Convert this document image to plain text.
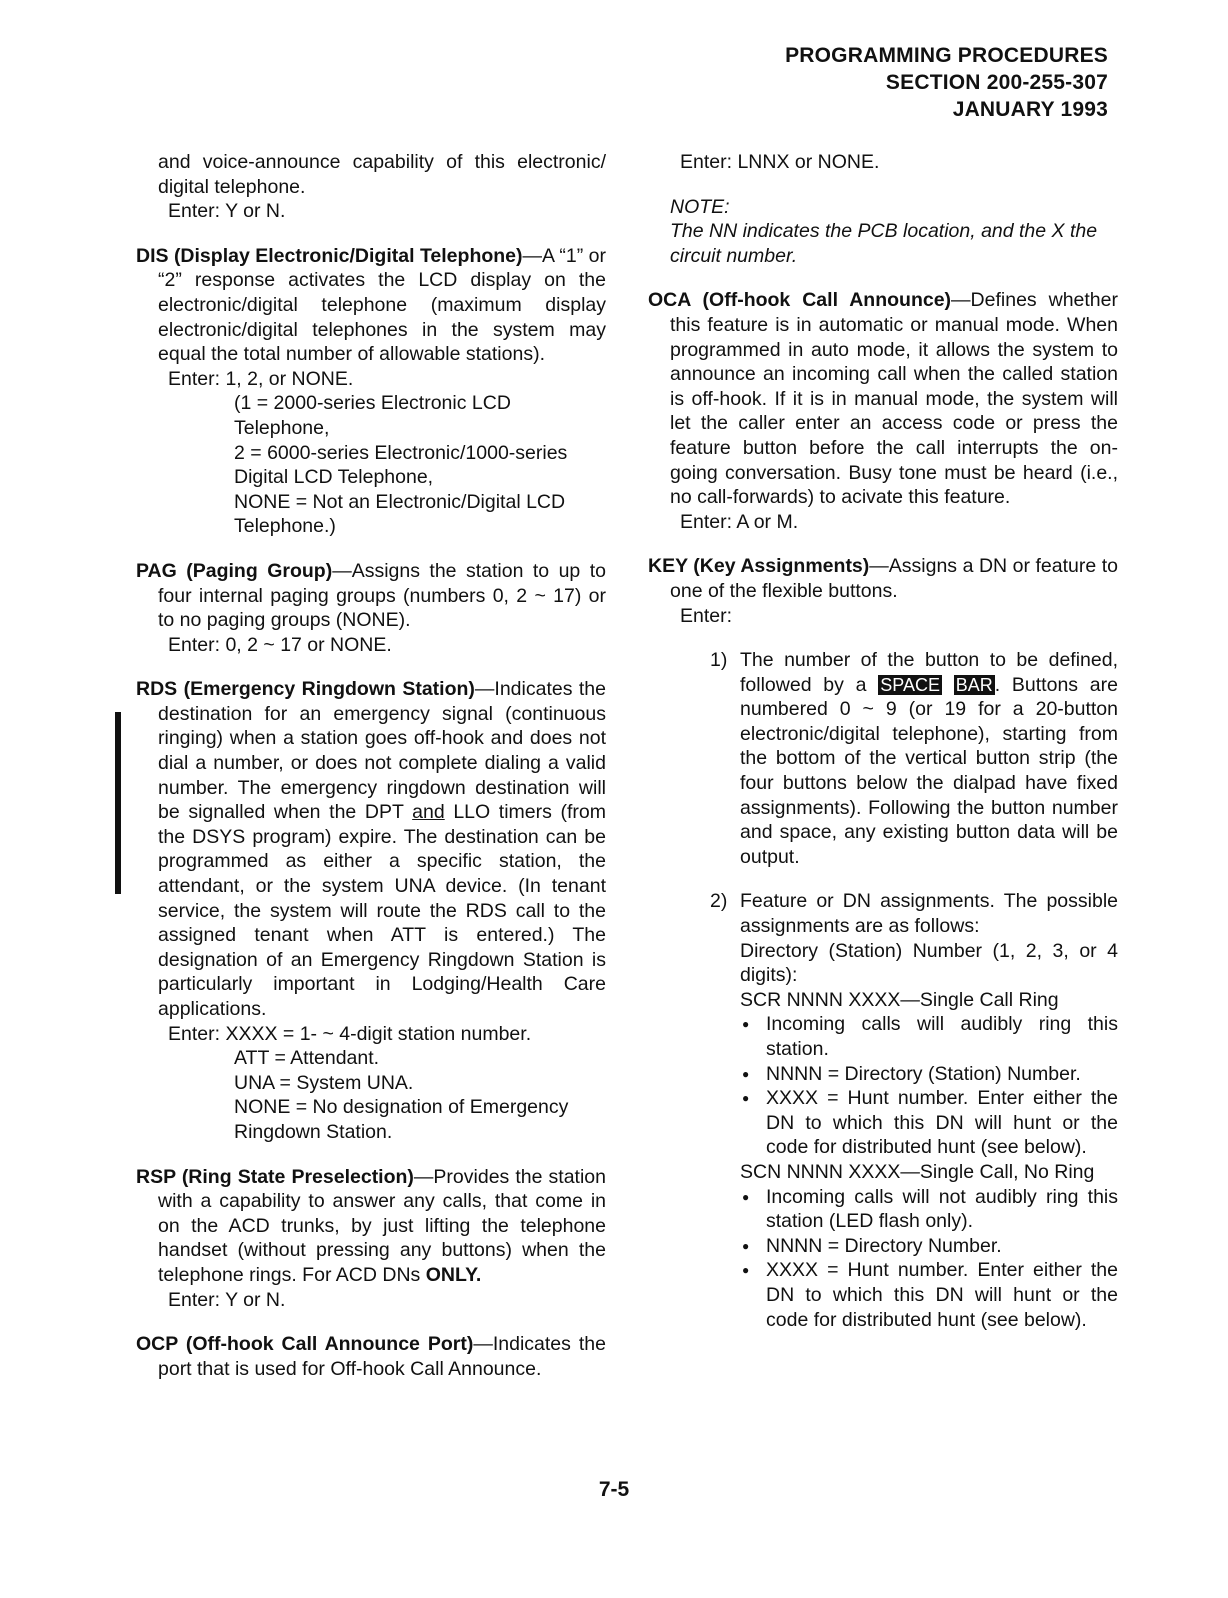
PROGRAMMING PROCEDURES
SECTION 200-255-307
JANUARY 1993

and voice-announce capability of this electronic/ digital telephone.

Enter: Y or N.

DIS (Display Electronic/Digital Telephone)—A “1” or “2” response activates the LCD display on the electronic/digital telephone (maximum display electronic/digital telephones in the system may equal the total number of allowable stations).

Enter: 1, 2, or NONE.

(1 = 2000-series Electronic LCD Telephone,

2 = 6000-series Electronic/1000-series Digital LCD Telephone,

NONE = Not an Electronic/Digital LCD Telephone.)

PAG (Paging Group)—Assigns the station to up to four internal paging groups (numbers 0, 2 ~ 17) or to no paging groups (NONE).

Enter: 0, 2 ~ 17 or NONE.

RDS (Emergency Ringdown Station)—Indicates the destination for an emergency signal (continuous ringing) when a station goes off-hook and does not dial a number, or does not complete dialing a valid number. The emergency ringdown destination will be signalled when the DPT and LLO timers (from the DSYS program) expire. The destination can be programmed as either a specific station, the attendant, or the system UNA device. (In tenant service, the system will route the RDS call to the assigned tenant when ATT is entered.) The designation of an Emergency Ringdown Station is particularly important in Lodging/Health Care applications.

Enter: XXXX = 1- ~ 4-digit station number.

ATT = Attendant.

UNA = System UNA.

NONE = No designation of Emergency Ringdown Station.

RSP (Ring State Preselection)—Provides the station with a capability to answer any calls, that come in on the ACD trunks, by just lifting the telephone handset (without pressing any buttons) when the telephone rings. For ACD DNs ONLY.

Enter: Y or N.

OCP (Off-hook Call Announce Port)—Indicates the port that is used for Off-hook Call Announce.

Enter: LNNX or NONE.

NOTE:

The NN indicates the PCB location, and the X the circuit number.

OCA (Off-hook Call Announce)—Defines whether this feature is in automatic or manual mode. When programmed in auto mode, it allows the system to announce an incoming call when the called station is off-hook. If it is in manual mode, the system will let the caller enter an access code or press the feature button before the call interrupts the on-going conversation. Busy tone must be heard (i.e., no call-forwards) to acivate this feature.

Enter: A or M.

KEY (Key Assignments)—Assigns a DN or feature to one of the flexible buttons.

Enter:

1) The number of the button to be defined, followed by a SPACE BAR . Buttons are numbered 0 ~ 9 (or 19 for a 20-button electronic/digital telephone), starting from the bottom of the vertical button strip (the four buttons below the dialpad have fixed assignments). Following the button number and space, any existing button data will be output.
2) Feature or DN assignments. The possible assignments are as follows:

Directory (Station) Number (1, 2, 3, or 4 digits):

SCR NNNN XXXX—Single Call Ring

● Incoming calls will audibly ring this station.
● NNNN = Directory (Station) Number.
● XXXX = Hunt number. Enter either the DN to which this DN will hunt or the code for distributed hunt (see below).

SCN NNNN XXXX—Single Call, No Ring

● Incoming calls will not audibly ring this station (LED flash only).
● NNNN = Directory Number.
● XXXX = Hunt number. Enter either the DN to which this DN will hunt or the code for distributed hunt (see below).
7-5
